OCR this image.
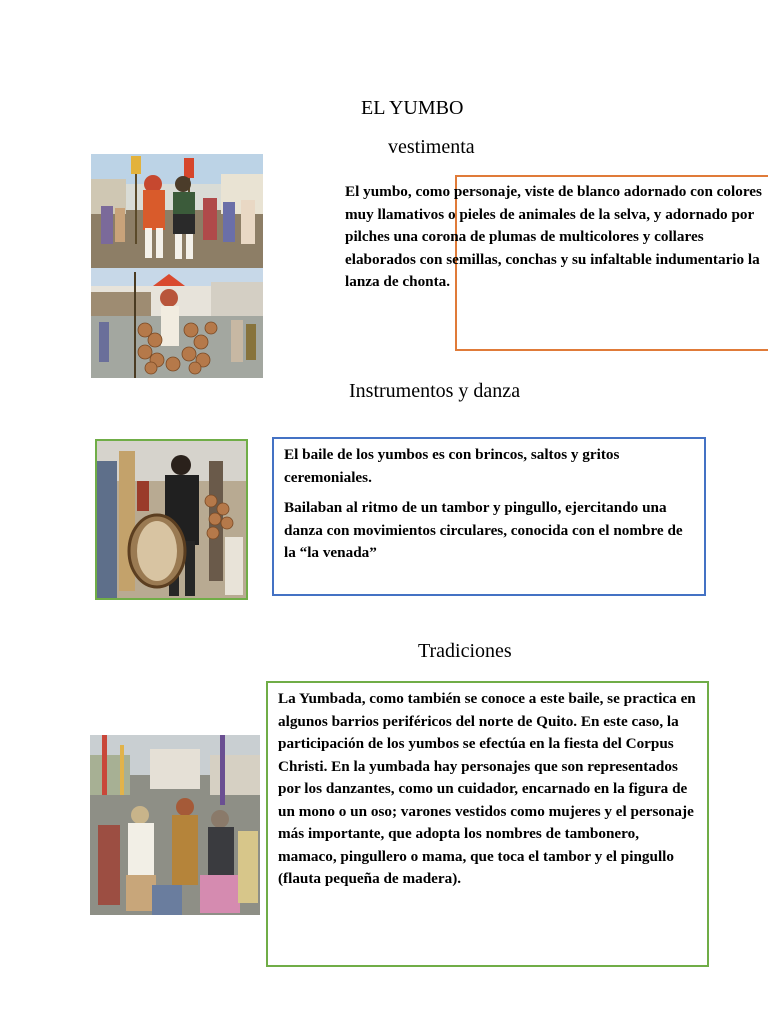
EL YUMBO
vestimenta
Instrumentos y danza
Tradiciones
El yumbo, como personaje, viste de blanco adornado con colores muy llamativos o pieles de animales de la selva, y adornado por pilches una corona de plumas de multicolores y collares elaborados con semillas, conchas y su infaltable indumentario la lanza de chonta.

El baile de los yumbos es con brincos, saltos y gritos ceremoniales.

Bailaban al ritmo de un tambor y pingullo, ejercitando una danza con movimientos circulares, conocida con el nombre de la “la venada”

La Yumbada, como también se conoce a este baile, se practica en algunos barrios periféricos del norte de Quito. En este caso, la participación de los yumbos se efectúa en la fiesta del Corpus Christi. En la yumbada hay personajes que son representados por los danzantes, como un cuidador, encarnado en la figura de un mono o un oso; varones vestidos como mujeres y el personaje más importante, que adopta los nombres de tambonero, mamaco, pingullero o mama, que toca el tambor y el pingullo (flauta pequeña de madera).
